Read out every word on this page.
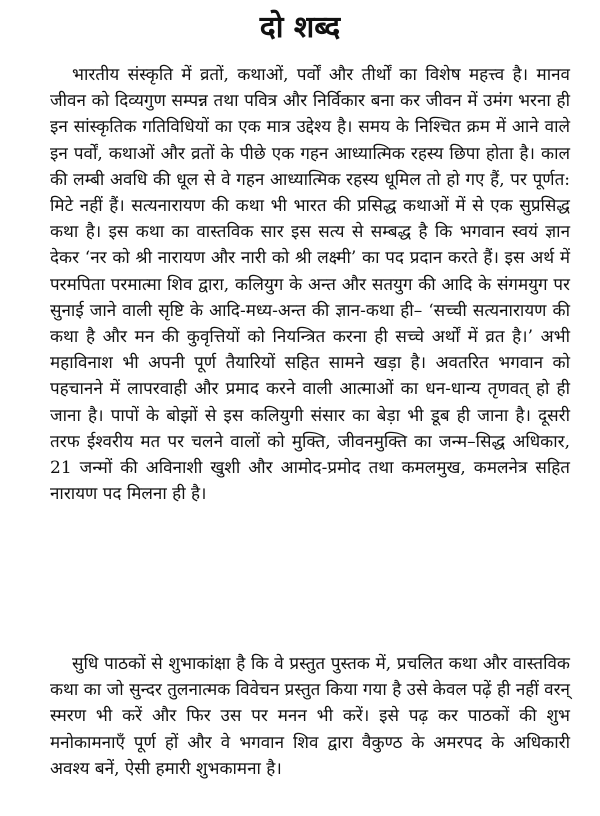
दो शब्द

भारतीय संस्कृति में व्रतों, कथाओं, पर्वों और तीर्थों का विशेष महत्त्व है। मानव जीवन को दिव्यगुण सम्पन्न तथा पवित्र और निर्विकार बना कर जीवन में उमंग भरना ही इन सांस्कृतिक गतिविधियों का एक मात्र उद्देश्य है। समय के निश्चित क्रम में आने वाले इन पर्वों, कथाओं और व्रतों के पीछे एक गहन आध्यात्मिक रहस्य छिपा होता है। काल की लम्बी अवधि की धूल से वे गहन आध्यात्मिक रहस्य धूमिल तो हो गए हैं, पर पूर्णत: मिटे नहीं हैं। सत्यनारायण की कथा भी भारत की प्रसिद्ध कथाओं में से एक सुप्रसिद्ध कथा है। इस कथा का वास्तविक सार इस सत्य से सम्बद्ध है कि भगवान स्वयं ज्ञान देकर ‘नर को श्री नारायण और नारी को श्री लक्ष्मी’ का पद प्रदान करते हैं। इस अर्थ में परमपिता परमात्मा शिव द्वारा, कलियुग के अन्त और सतयुग की आदि के संगमयुग पर सुनाई जाने वाली सृष्टि के आदि-मध्य-अन्त की ज्ञान-कथा ही– ‘सच्ची सत्यनारायण की कथा है और मन की कुवृत्तियों को नियन्त्रित करना ही सच्चे अर्थों में व्रत है।’ अभी महाविनाश भी अपनी पूर्ण तैयारियों सहित सामने खड़ा है। अवतरित भगवान को पहचानने में लापरवाही और प्रमाद करने वाली आत्माओं का धन-धान्य तृणवत् हो ही जाना है। पापों के बोझों से इस कलियुगी संसार का बेड़ा भी डूब ही जाना है। दूसरी तरफ ईश्वरीय मत पर चलने वालों को मुक्ति, जीवनमुक्ति का जन्म–सिद्ध अधिकार, 21 जन्मों की अविनाशी खुशी और आमोद-प्रमोद तथा कमलमुख, कमलनेत्र सहित नारायण पद मिलना ही है।

सुधि पाठकों से शुभाकांक्षा है कि वे प्रस्तुत पुस्तक में, प्रचलित कथा और वास्तविक कथा का जो सुन्दर तुलनात्मक विवेचन प्रस्तुत किया गया है उसे केवल पढ़ें ही नहीं वरन् स्मरण भी करें और फिर उस पर मनन भी करें। इसे पढ़ कर पाठकों की शुभ मनोकामनाएँ पूर्ण हों और वे भगवान शिव द्वारा वैकुण्ठ के अमरपद के अधिकारी अवश्य बनें, ऐसी हमारी शुभकामना है।
